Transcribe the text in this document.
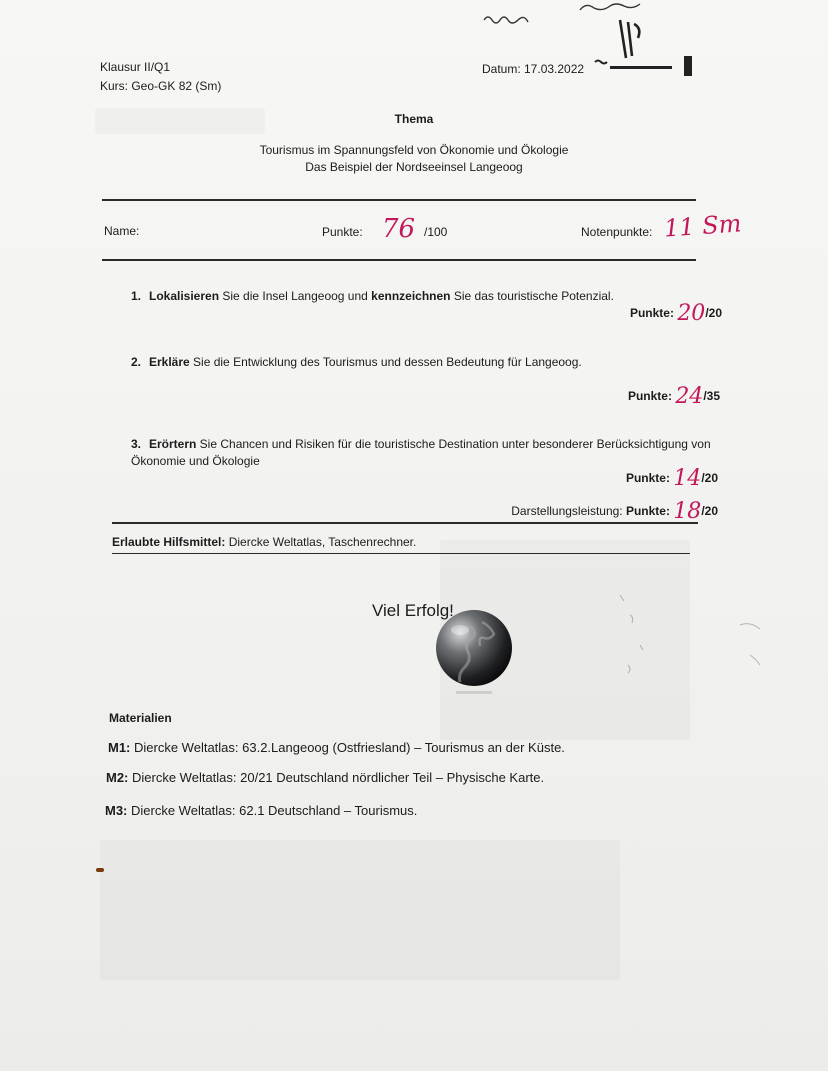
Klausur II/Q1
Kurs: Geo-GK 82 (Sm)
Datum: 17.03.2022
Thema
Tourismus im Spannungsfeld von Ökonomie und Ökologie
Das Beispiel der Nordseeinsel Langeoog
Name:	Punkte: 76 /100	Notenpunkte: 11 Sm
1. Lokalisieren Sie die Insel Langeoog und kennzeichnen Sie das touristische Potenzial.
Punkte: 20/20
2. Erkläre Sie die Entwicklung des Tourismus und dessen Bedeutung für Langeoog.
Punkte: 24/35
3. Erörtern Sie Chancen und Risiken für die touristische Destination unter besonderer Berücksichtigung von Ökonomie und Ökologie
Punkte: 14/20
Darstellungsleistung: Punkte: 18/20
Erlaubte Hilfsmittel: Diercke Weltatlas, Taschenrechner.
Viel Erfolg!
Materialien
M1: Diercke Weltatlas: 63.2.Langeoog (Ostfriesland) – Tourismus an der Küste.
M2: Diercke Weltatlas: 20/21 Deutschland nördlicher Teil – Physische Karte.
M3: Diercke Weltatlas: 62.1 Deutschland – Tourismus.
